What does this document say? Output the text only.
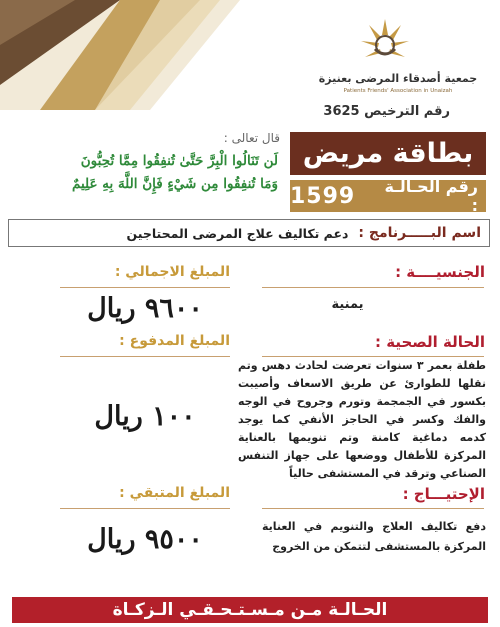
جمعية أصدقاء المرضى بعنيزة
Patients Friends' Association in Unaizah
رقم الترخيص 3625
قال تعالى :
لَن تَنَالُوا الْبِرَّ حَتَّىٰ تُنفِقُوا مِمَّا تُحِبُّونَ
وَمَا تُنفِقُوا مِن شَيْءٍ فَإِنَّ اللَّهَ بِهِ عَلِيمٌ
بطاقة مريض
رقم الحـالـة :
1599
اسم البـــــرنامج :
دعم تكاليف علاج المرضى المحتاجين
الجنسيــــة :
يمنية
الحالة الصحية :
طفلة بعمر ٣ سنوات تعرضت لحادث دهس وتم نقلها للطوارئ عن طريق الاسعاف وأصيبت بكسور في الجمجمة وتورم وجروح في الوجه والفك وكسر في الحاجز الأنفي كما يوجد كدمه دماغية كامنة وتم تنويمها بالعناية المركزة للأطفال ووضعها على جهاز التنفس الصناعي وترقد في المستشفى حالياً
الإحتيـــاج :
دفع تكاليف العلاج والتنويم في العناية المركزة بالمستشفى لتتمكن من الخروج
المبلغ الاجمالي :
٩٦٠٠ ريال
المبلغ المدفوع :
١٠٠ ريال
المبلغ المتبقي :
٩٥٠٠ ريال
الحـالـة مـن مـسـتـحـقـي الـزكـاة
